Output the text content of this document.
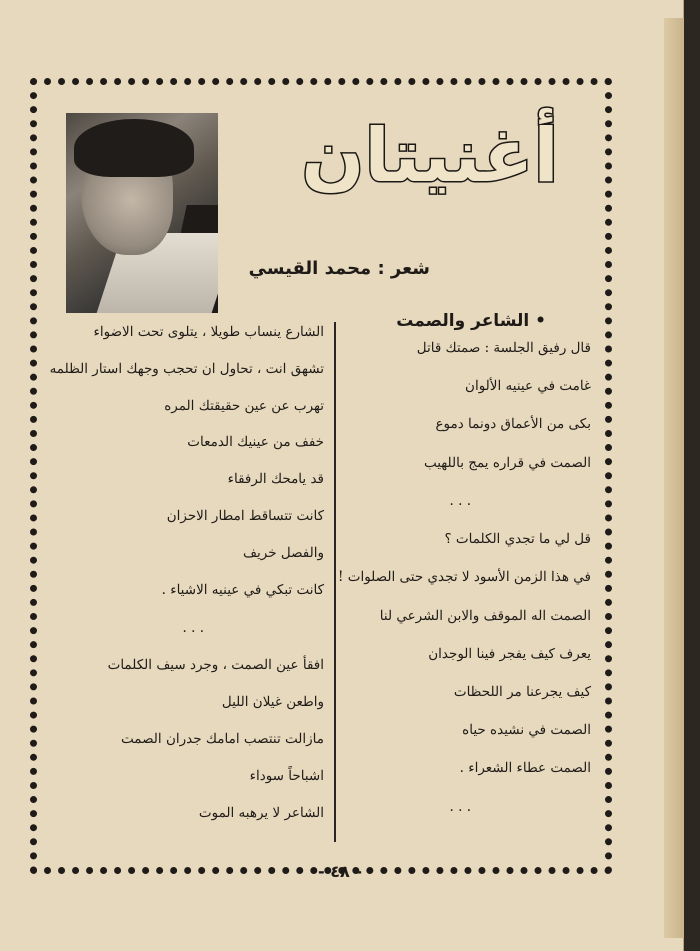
أغنيتان
شعر : محمد القيسي
• الشاعر والصمت
قال رفيق الجلسة : صمتك قاتل
غامت في عينيه الألوان
بكى من الأعماق دونما دموع
الصمت في قراره يمج باللهيب
. . .
قل لي ما تجدي الكلمات ؟
في هذا الزمن الأسود لا تجدي حتى الصلوات !
الصمت اله الموقف والابن الشرعي لنا
يعرف كيف يفجر فينا الوجدان
كيف يجرعنا مر اللحظات
الصمت في نشيده حياه
الصمت عطاء الشعراء .
. . .
الشارع ينساب طويلا ، يتلوى تحت الاضواء
تشهق انت ، تحاول ان تحجب وجهك استار الظلمه
تهرب عن عين حقيقتك المره
خفف من عينيك الدمعات
قد يامحك الرفقاء
كانت تتساقط امطار الاحزان
والفصل خريف
كانت تبكي في عينيه الاشياء .
. . .
افقأ عين الصمت ، وجرد سيف الكلمات
واطعن غيلان الليل
مازالت تنتصب امامك جدران الصمت
اشباحاً سوداء
الشاعر لا يرهبه الموت
- ٤٨ -
